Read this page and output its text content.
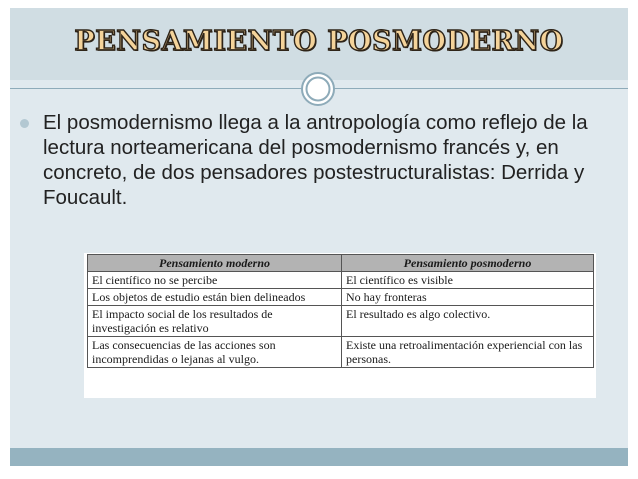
PENSAMIENTO POSMODERNO
El posmodernismo llega a la antropología como reflejo de la lectura norteamericana del posmodernismo francés y, en concreto, de dos pensadores postestructuralistas: Derrida y Foucault.
Pensamiento moderno	Pensamiento posmoderno
El científico no se percibe	El científico es visible
Los objetos de estudio están bien delineados	No hay fronteras
El impacto social de los resultados de investigación es relativo	El resultado es algo colectivo.
Las consecuencias de las acciones son incomprendidas o lejanas al vulgo.	Existe una retroalimentación experiencial con las personas.
